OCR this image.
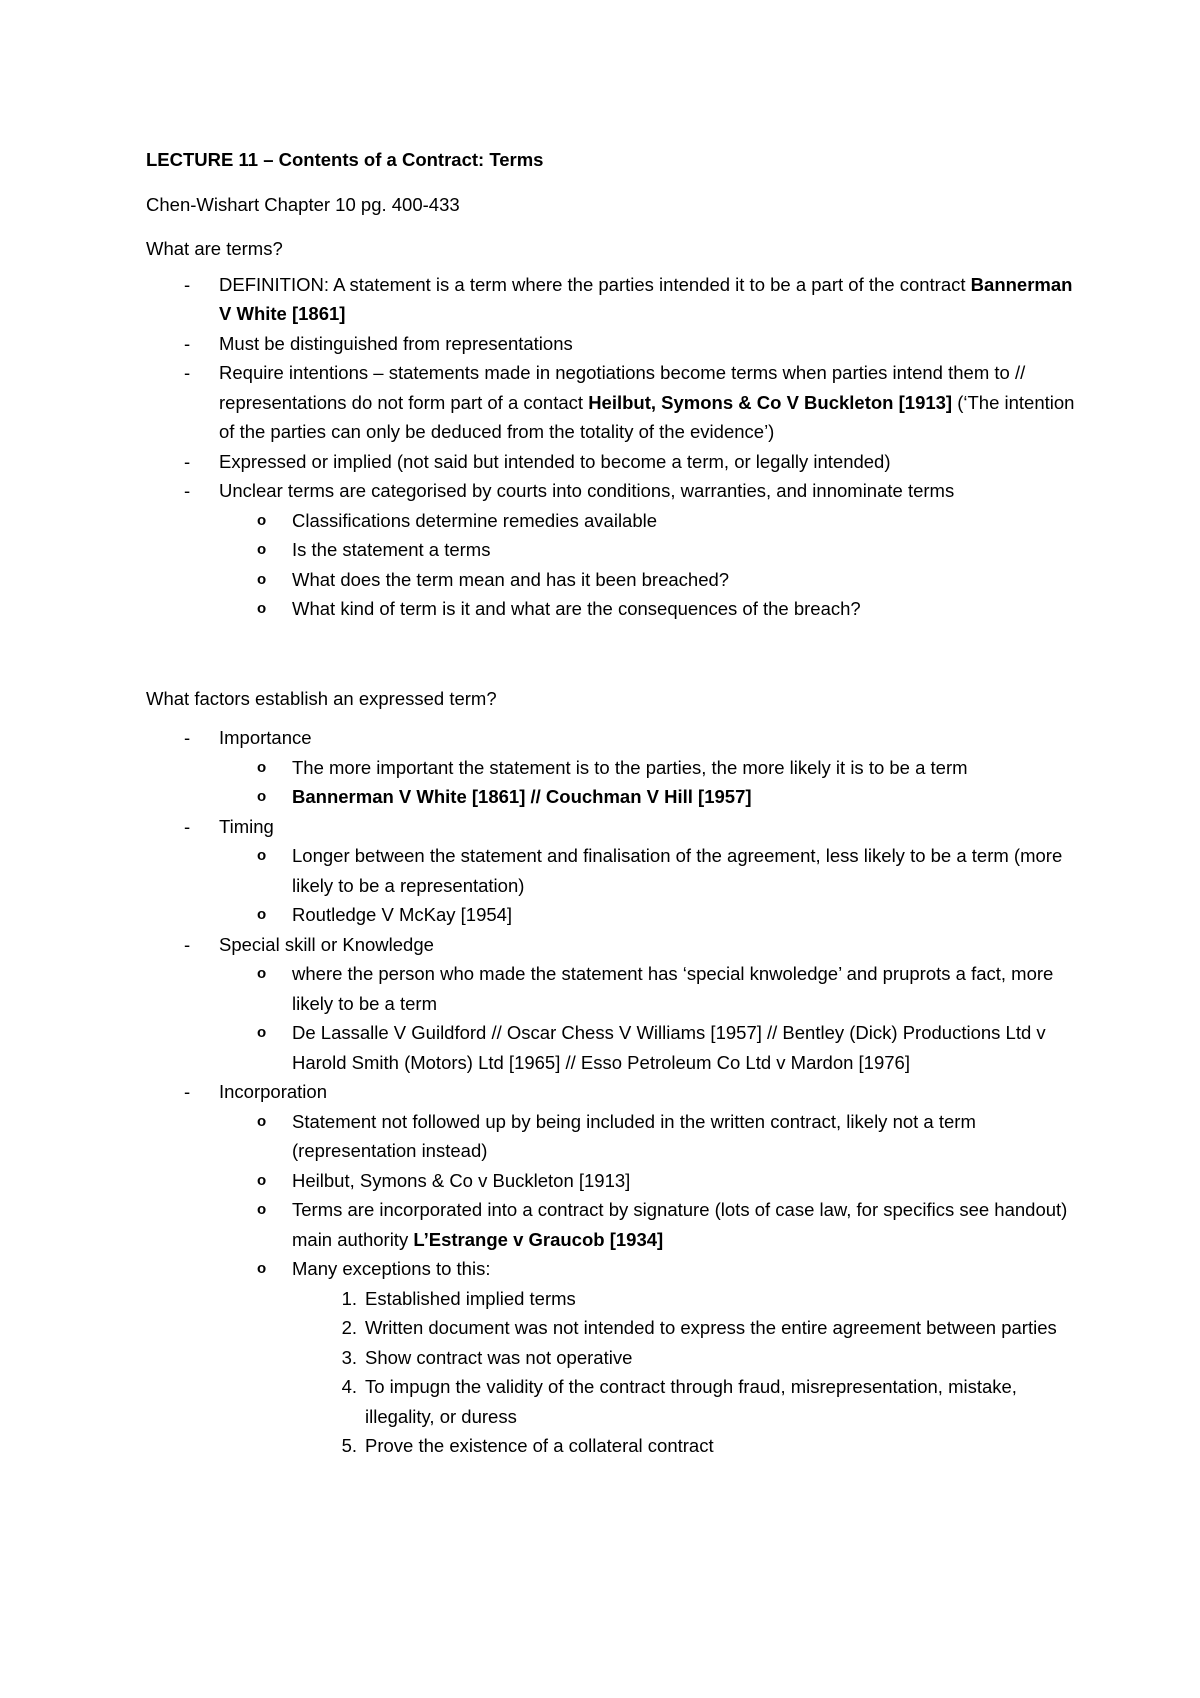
LECTURE 11 – Contents of a Contract: Terms

Chen-Wishart Chapter 10 pg. 400-433

What are terms?

- DEFINITION: A statement is a term where the parties intended it to be a part of the contract Bannerman V White [1861]
- Must be distinguished from representations
- Require intentions – statements made in negotiations become terms when parties intend them to // representations do not form part of a contact Heilbut, Symons & Co V Buckleton [1913] (‘The intention of the parties can only be deduced from the totality of the evidence’)
- Expressed or implied (not said but intended to become a term, or legally intended)
- Unclear terms are categorised by courts into conditions, warranties, and innominate terms
o Classifications determine remedies available
o Is the statement a terms
o What does the term mean and has it been breached?
o What kind of term is it and what are the consequences of the breach?

What factors establish an expressed term?

- Importance
o The more important the statement is to the parties, the more likely it is to be a term
o Bannerman V White [1861] // Couchman V Hill [1957]
- Timing
o Longer between the statement and finalisation of the agreement, less likely to be a term (more likely to be a representation)
o Routledge V McKay [1954]
- Special skill or Knowledge
o where the person who made the statement has ‘special knwoledge’ and pruprots a fact, more likely to be a term
o De Lassalle V Guildford // Oscar Chess V Williams [1957] // Bentley (Dick) Productions Ltd v Harold Smith (Motors) Ltd [1965] // Esso Petroleum Co Ltd v Mardon [1976]
- Incorporation
o Statement not followed up by being included in the written contract, likely not a term (representation instead)
o Heilbut, Symons & Co v Buckleton [1913]
o Terms are incorporated into a contract by signature (lots of case law, for specifics see handout) main authority L’Estrange v Graucob [1934]
o Many exceptions to this:
1. Established implied terms
2. Written document was not intended to express the entire agreement between parties
3. Show contract was not operative
4. To impugn the validity of the contract through fraud, misrepresentation, mistake, illegality, or duress
5. Prove the existence of a collateral contract
